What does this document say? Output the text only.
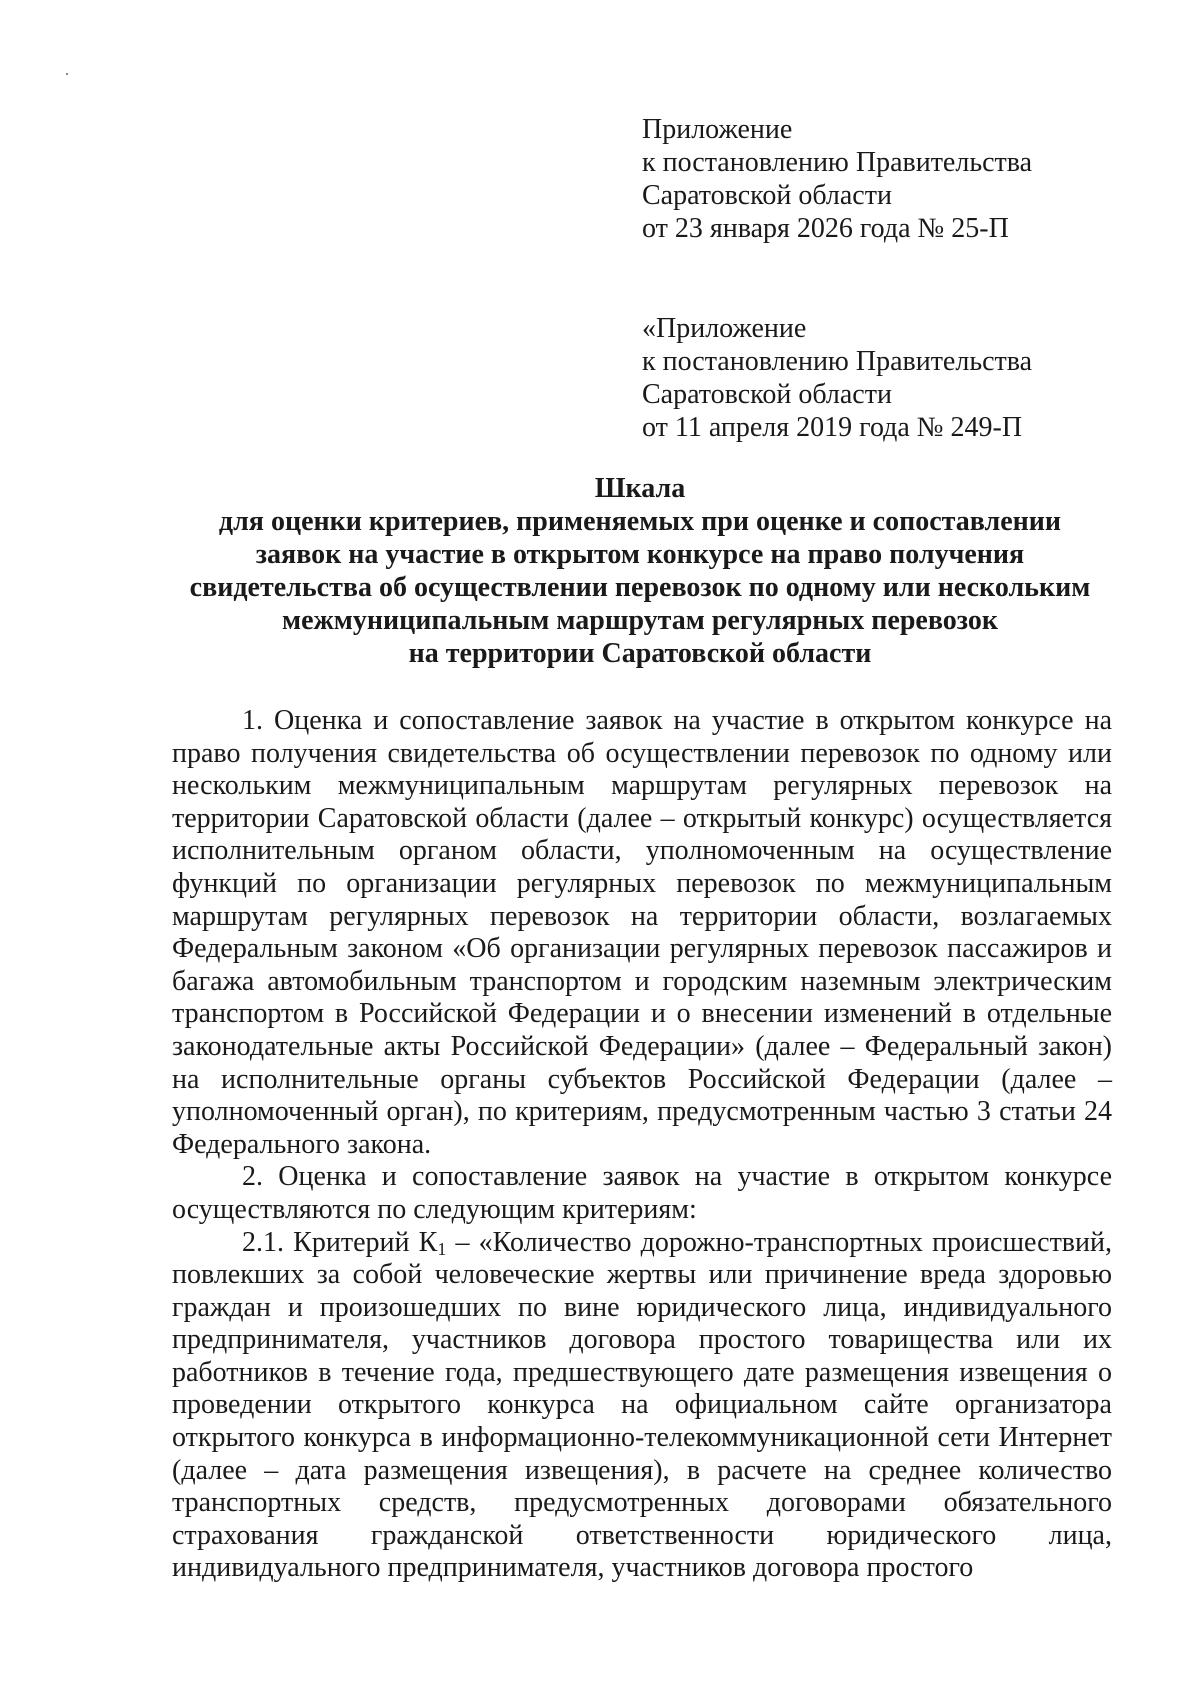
Приложение
к постановлению Правительства
Саратовской области
от 23 января 2026 года № 25-П
«Приложение
к постановлению Правительства
Саратовской области
от 11 апреля 2019 года № 249-П
Шкала
для оценки критериев, применяемых при оценке и сопоставлении
заявок на участие в открытом конкурсе на право получения
свидетельства об осуществлении перевозок по одному или нескольким
межмуниципальным маршрутам регулярных перевозок
на территории Саратовской области

1. Оценка и сопоставление заявок на участие в открытом конкурсе на право получения свидетельства об осуществлении перевозок по одному или нескольким межмуниципальным маршрутам регулярных перевозок на территории Саратовской области (далее – открытый конкурс) осуществляется исполнительным органом области, уполномоченным на осуществление функций по организации регулярных перевозок по межмуниципальным маршрутам регулярных перевозок на территории области, возлагаемых Федеральным законом «Об организации регулярных перевозок пассажиров и багажа автомобильным транспортом и городским наземным электрическим транспортом в Российской Федерации и о внесении изменений в отдельные законодательные акты Российской Федерации» (далее – Федеральный закон) на исполнительные органы субъектов Российской Федерации (далее – уполномоченный орган), по критериям, предусмотренным частью 3 статьи 24 Федерального закона.

2. Оценка и сопоставление заявок на участие в открытом конкурсе осуществляются по следующим критериям:

2.1. Критерий $К_1$ – «Количество дорожно-транспортных происшествий, повлекших за собой человеческие жертвы или причинение вреда здоровью граждан и произошедших по вине юридического лица, индивидуального предпринимателя, участников договора простого товарищества или их работников в течение года, предшествующего дате размещения извещения о проведении открытого конкурса на официальном сайте организатора открытого конкурса в информационно-телекоммуникационной сети Интернет (далее – дата размещения извещения), в расчете на среднее количество транспортных средств, предусмотренных договорами обязательного страхования гражданской ответственности юридического лица, индивидуального предпринимателя, участников договора простого
